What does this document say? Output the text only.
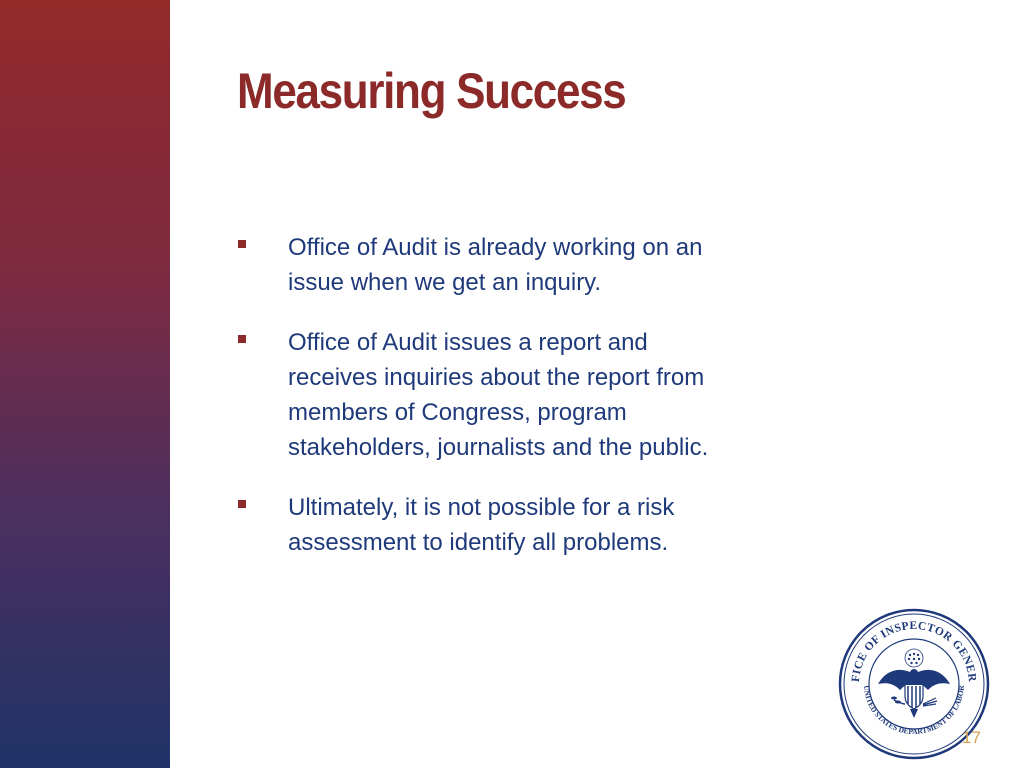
Measuring Success
Office of Audit is already working on an
issue when we get an inquiry.
Office of Audit issues a report and
receives inquiries about the report from
members of Congress, program
stakeholders, journalists and the public.
Ultimately, it is not possible for a risk
assessment to identify all problems.
FICE OF INSPECTOR GENER
UNITED STATES DEPARTMENT OF LABOR
17
